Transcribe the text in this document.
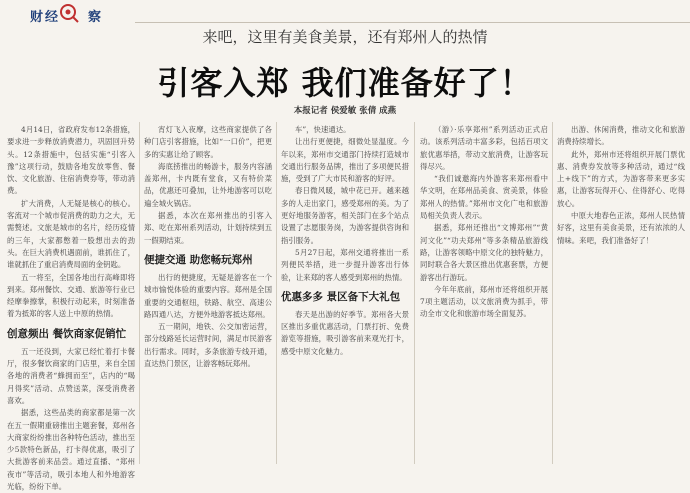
财经 察
来吧，这里有美食美景，还有郑州人的热情
引客入郑 我们准备好了！
本报记者 侯爱敏 张倩 成燕

4月14日，省政府发布12条措施，要求进一步释放消费潜力，巩固回升势头。12条措施中，包括实施“引客入豫”这项行动，鼓励各地发放零售、餐饮、文化旅游、住宿消费券等，带动消费。

扩大消费，人无疑是核心的核心。客流对一个城市促消费的助力之大，无需赘述。文旅是城市的名片，经历疫情的三年，大家都憋着一股想出去的劲头。在巨大消费机遇面前，谁抓住了，谁就抓住了重启消费局面的金钥匙。

五一将至，全国各地出行高峰即将到来。郑州餐饮、交通、旅游等行业已经摩拳擦掌，积极行动起来，时刻准备着为抵郑的客人送上中原的热情。

创意频出 餐饮商家促销忙

五一还没到，大家已经忙着打卡餐厅，很多餐饮商家的门店里，来自全国各地的消费者“蜂拥而至”，店内的“喝月得奖”活动、点赞送菜，深受消费者喜欢。

据悉，这些品类的商家都是第一次在五一假期重磅推出主题套餐，郑州各大商家纷纷推出各种特色活动，推出至少5款特色新品，打卡得优惠，吸引了大批游客前来品尝。通过直播、“郑州夜市”等活动，吸引本地人和外地游客光临，纷纷下单。

宵灯飞入夜摩，这些商家提供了各种门店引客措施，比如“一口价”，把更多的实惠让给了顾客。

海底捞推出的畅游卡，服务内容涵盖郑州，卡内既有堂食，又有特价菜品，优惠还可叠加，让外地游客可以吃遍全城火锅店。

据悉，本次在郑州推出的引客入郑、吃在郑州系列活动，计划持续到五一假期结束。

便捷交通 助您畅玩郑州

出行的便捷度，无疑是游客在一个城市愉悦体验的重要内容。郑州是全国重要的交通枢纽，铁路、航空、高速公路四通八达，方便外地游客抵达郑州。

五一期间，地铁、公交加密运营，部分线路延长运营时间，满足市民游客出行需求。同时，多条旅游专线开通，直达热门景区，让游客畅玩郑州。

车”，快速通达。

让出行更便捷，细微处显温度。今年以来，郑州市交通部门持续打造城市交通出行服务品牌，推出了多项便民措施，受到了广大市民和游客的好评。

春日微风暖，城中花已开。越来越多的人走出家门，感受郑州的美。为了更好地服务游客，相关部门在多个站点设置了志愿服务岗，为游客提供咨询和指引服务。

5月27日起，郑州交通将推出一系列便民举措，进一步提升游客出行体验，让来郑的客人感受到郑州的热情。

优惠多多 景区备下大礼包

春天是出游的好季节。郑州各大景区推出多重优惠活动，门票打折、免费游览等措施，吸引游客前来观光打卡，感受中原文化魅力。

（游）·乐享郑州”系列活动正式启动。该系列活动丰富多彩，包括百项文旅优惠举措，带动文旅消费，让游客玩得尽兴。

“我们诚邀海内外游客来郑州看中华文明，在郑州品美食、赏美景，体验郑州人的热情。”郑州市文化广电和旅游局相关负责人表示。

据悉，郑州还推出“文博郑州”“黄河文化”“功夫郑州”等多条精品旅游线路，让游客领略中原文化的独特魅力，同时联合各大景区推出优惠套票，方便游客出行游玩。

今年年底前，郑州市还将组织开展7项主题活动，以文旅消费为抓手，带动全市文化和旅游市场全面复苏。

出游、休闲消费，推动文化和旅游消费持续增长。

此外，郑州市还将组织开展门票优惠、消费券发放等多种活动，通过“线上+线下”的方式，为游客带来更多实惠，让游客玩得开心、住得舒心、吃得放心。

中原大地春色正浓，郑州人民热情好客，这里有美食美景，还有浓浓的人情味。来吧，我们准备好了！
